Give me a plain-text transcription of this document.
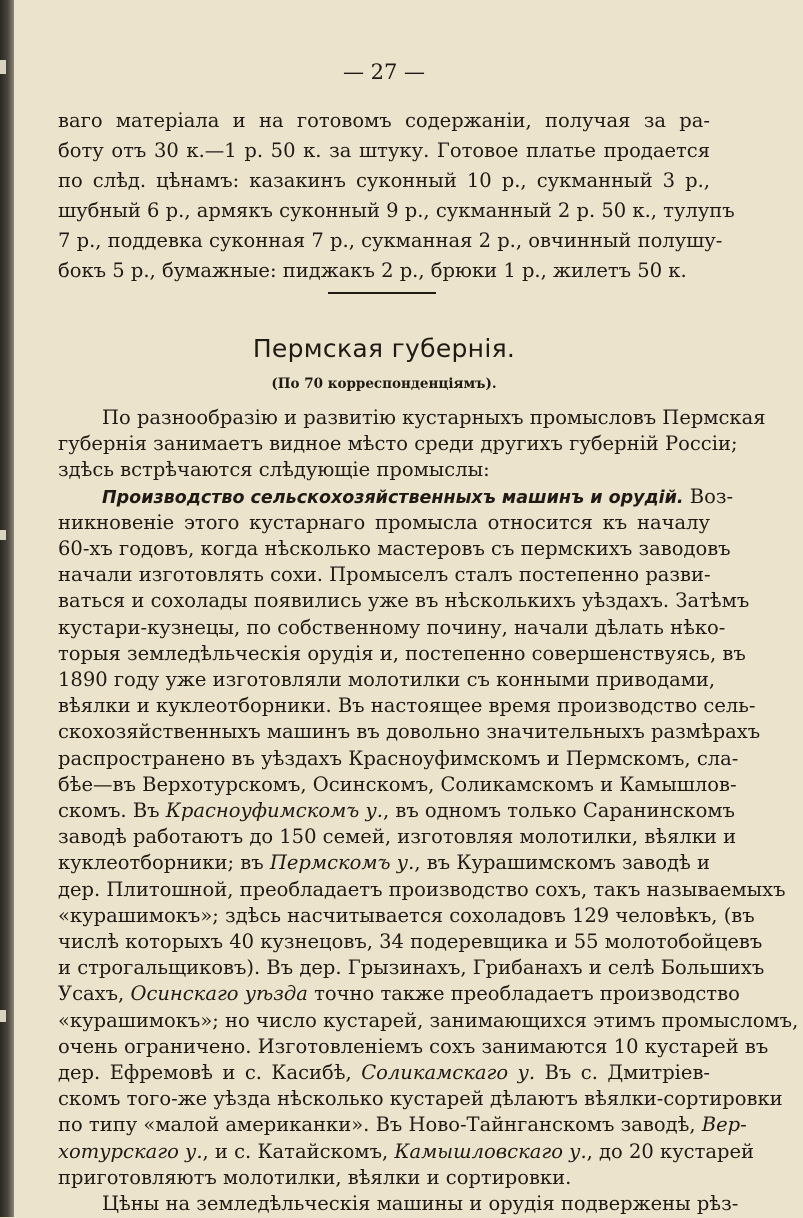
— 27 —
ваго матеріала и на готовомъ содержаніи, получая за ра-
боту отъ 30 к.—1 р. 50 к. за штуку. Готовое платье продается
по слѣд. цѣнамъ: казакинъ суконный 10 р., сукманный 3 р.,
шубный 6 р., армякъ суконный 9 р., сукманный 2 р. 50 к., тулупъ
7 р., поддевка суконная 7 р., сукманная 2 р., овчинный полушу-
бокъ 5 р., бумажные: пиджакъ 2 р., брюки 1 р., жилетъ 50 к.
Пермская губернія.
(По 70 корреспонденціямъ).
По разнообразію и развитію кустарныхъ промысловъ Пермская
губернія занимаетъ видное мѣсто среди другихъ губерній Россіи;
здѣсь встрѣчаются слѣдующіе промыслы:
Производство сельскохозяйственныхъ машинъ и орудій. Воз-
никновеніе этого кустарнаго промысла относится къ началу
60-хъ годовъ, когда нѣсколько мастеровъ съ пермскихъ заводовъ
начали изготовлять сохи. Промыселъ сталъ постепенно разви-
ваться и сохолады появились уже въ нѣсколькихъ уѣздахъ. Затѣмъ
кустари-кузнецы, по собственному почину, начали дѣлать нѣко-
торыя земледѣльческія орудія и, постепенно совершенствуясь, въ
1890 году уже изготовляли молотилки съ конными приводами,
вѣялки и куклеотборники. Въ настоящее время производство сель-
скохозяйственныхъ машинъ въ довольно значительныхъ размѣрахъ
распространено въ уѣздахъ Красноуфимскомъ и Пермскомъ, сла-
бѣе—въ Верхотурскомъ, Осинскомъ, Соликамскомъ и Камышлов-
скомъ. Въ Красноуфимскомъ у., въ одномъ только Саранинскомъ
заводѣ работаютъ до 150 семей, изготовляя молотилки, вѣялки и
куклеотборники; въ Пермскомъ у., въ Курашимскомъ заводѣ и
дер. Плитошной, преобладаетъ производство сохъ, такъ называемыхъ
«курашимокъ»; здѣсь насчитывается сохоладовъ 129 человѣкъ, (въ
числѣ которыхъ 40 кузнецовъ, 34 подеревщика и 55 молотобойцевъ
и строгальщиковъ). Въ дер. Грызинахъ, Грибанахъ и селѣ Большихъ
Усахъ, Осинскаго уѣзда точно также преобладаетъ производство
«курашимокъ»; но число кустарей, занимающихся этимъ промысломъ,
очень ограничено. Изготовленіемъ сохъ занимаются 10 кустарей въ
дер. Ефремовѣ и с. Касибѣ, Соликамскаго у. Въ с. Дмитріев-
скомъ того-же уѣзда нѣсколько кустарей дѣлаютъ вѣялки-сортировки
по типу «малой американки». Въ Ново-Тайнганскомъ заводѣ, Вер-
хотурскаго у., и с. Катайскомъ, Камышловскаго у., до 20 кустарей
приготовляютъ молотилки, вѣялки и сортировки.
Цѣны на земледѣльческія машины и орудія подвержены рѣз-
